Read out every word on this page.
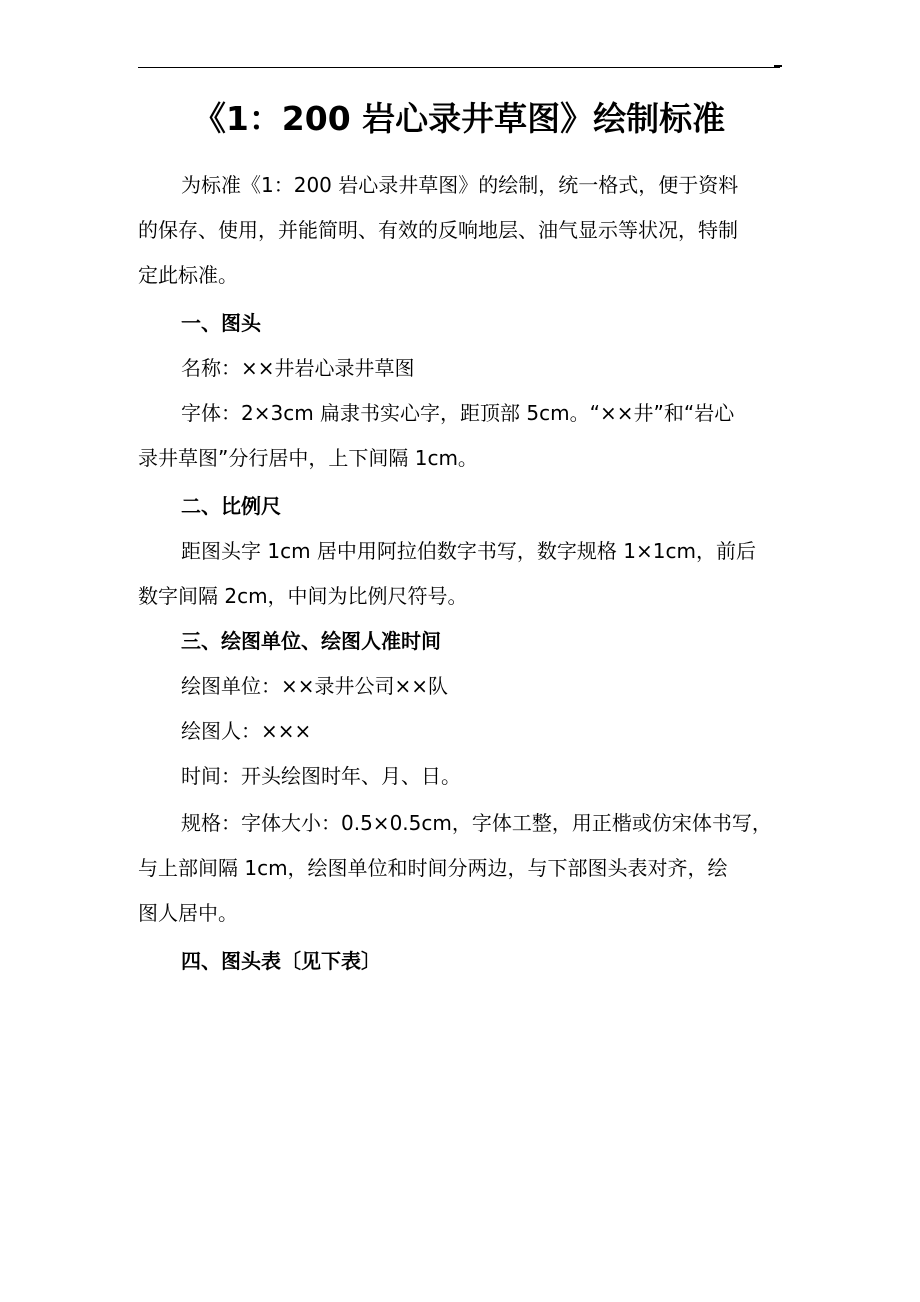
《1：200 岩心录井草图》绘制标准
为标准《1：200 岩心录井草图》的绘制，统一格式，便于资料
的保存、使用，并能简明、有效的反响地层、油气显示等状况，特制
定此标准。
一、图头
名称：××井岩心录井草图
字体：2×3cm 扁隶书实心字，距顶部 5cm。“××井”和“岩心
录井草图”分行居中，上下间隔 1cm。
二、比例尺
距图头字 1cm 居中用阿拉伯数字书写，数字规格 1×1cm，前后
数字间隔 2cm，中间为比例尺符号。
三、绘图单位、绘图人准时间
绘图单位：××录井公司××队
绘图人：×××
时间：开头绘图时年、月、日。
规格：字体大小：0.5×0.5cm，字体工整，用正楷或仿宋体书写，
与上部间隔 1cm，绘图单位和时间分两边，与下部图头表对齐，绘
图人居中。
四、图头表〔见下表〕
